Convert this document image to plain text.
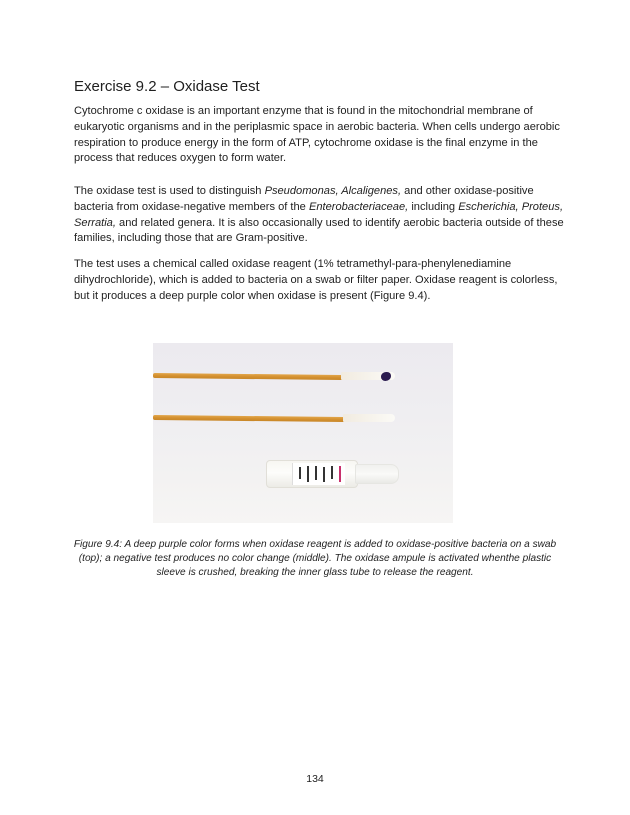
Exercise 9.2 – Oxidase Test

Cytochrome c oxidase is an important enzyme that is found in the mitochondrial membrane of eukaryotic organisms and in the periplasmic space in aerobic bacteria. When cells undergo aerobic respiration to produce energy in the form of ATP, cytochrome oxidase is the final enzyme in the process that reduces oxygen to form water.

The oxidase test is used to distinguish Pseudomonas, Alcaligenes, and other oxidase-positive bacteria from oxidase-negative members of the Enterobacteriaceae, including Escherichia, Proteus, Serratia, and related genera. It is also occasionally used to identify aerobic bacteria outside of these families, including those that are Gram-positive.

The test uses a chemical called oxidase reagent (1% tetramethyl-para-phenylenediamine dihydrochloride), which is added to bacteria on a swab or filter paper. Oxidase reagent is colorless, but it produces a deep purple color when oxidase is present (Figure 9.4).

Figure 9.4: A deep purple color forms when oxidase reagent is added to oxidase-positive bacteria on a swab (top); a negative test produces no color change (middle). The oxidase ampule is activated whenthe plastic sleeve is crushed, breaking the inner glass tube to release the reagent.

134
